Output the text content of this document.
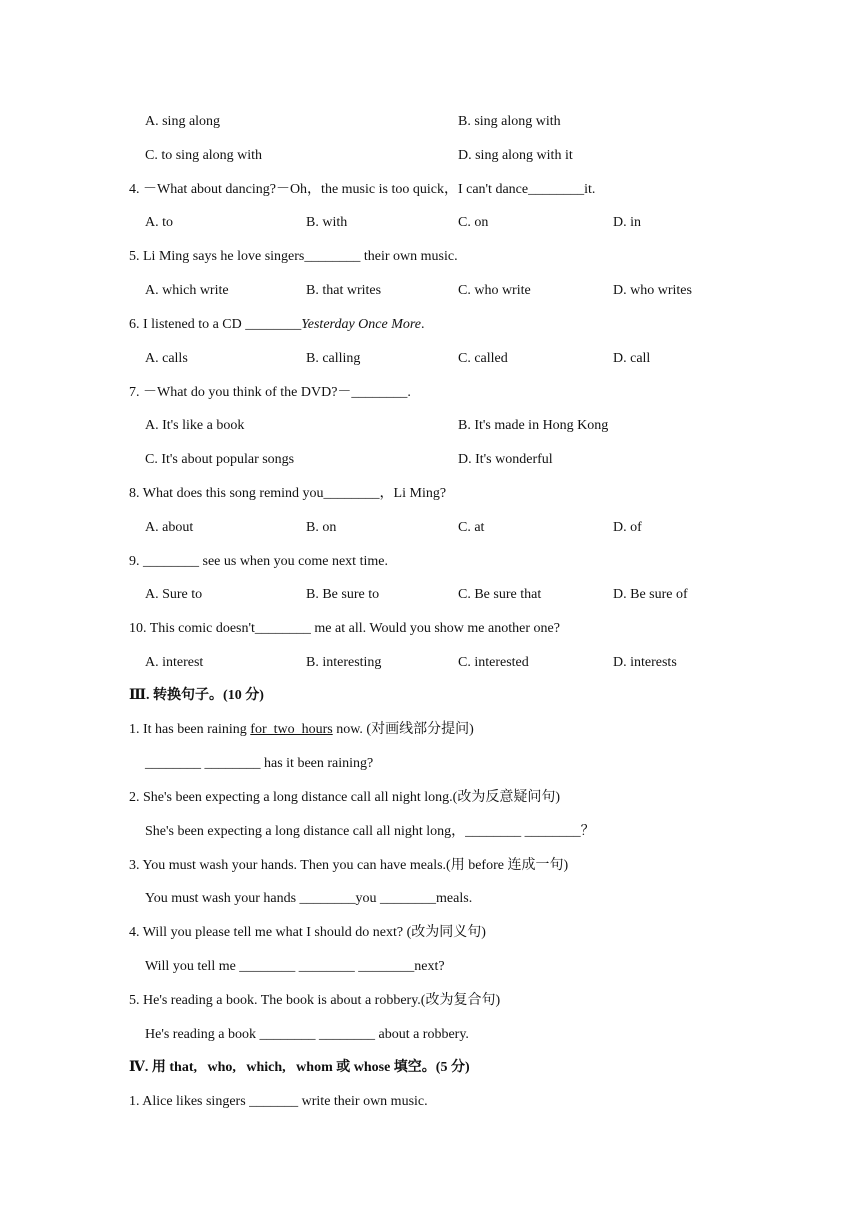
A. sing along	B. sing along with
C. to sing along with	D. sing along with it
4. －What about dancing?－Oh，the music is too quick，I can't dance________it.
A. to	B. with	C. on	D. in
5. Li Ming says he love singers________ their own music.
A. which write	B. that writes	C. who write	D. who writes
6. I listened to a CD ________Yesterday Once More.
A. calls	B. calling	C. called	D. call
7. －What do you think of the DVD?－________.
A. It's like a book	B. It's made in Hong Kong
C. It's about popular songs	D. It's wonderful
8. What does this song remind you________，Li Ming?
A. about	B. on	C. at	D. of
9. ________ see us when you come next time.
A. Sure to	B. Be sure to	C. Be sure that	D. Be sure of
10. This comic doesn't________ me at all. Would you show me another one?
A. interest	B. interesting	C. interested	D. interests
Ⅲ. 转换句子。(10 分)
1. It has been raining for  two  hours now. (对画线部分提问)
________ ________ has it been raining?
2. She's been expecting a long distance call all night long.(改为反意疑问句)
She's been expecting a long distance call all night long，________ ________？
3. You must wash your hands. Then you can have meals.(用 before 连成一句)
You must wash your hands ________you ________meals.
4. Will you please tell me what I should do next? (改为同义句)
Will you tell me ________ ________ ________next?
5. He's reading a book. The book is about a robbery.(改为复合句)
He's reading a book ________ ________ about a robbery.
Ⅳ. 用 that,   who,   which,   whom 或 whose 填空。(5 分)
1. Alice likes singers _______ write their own music.
